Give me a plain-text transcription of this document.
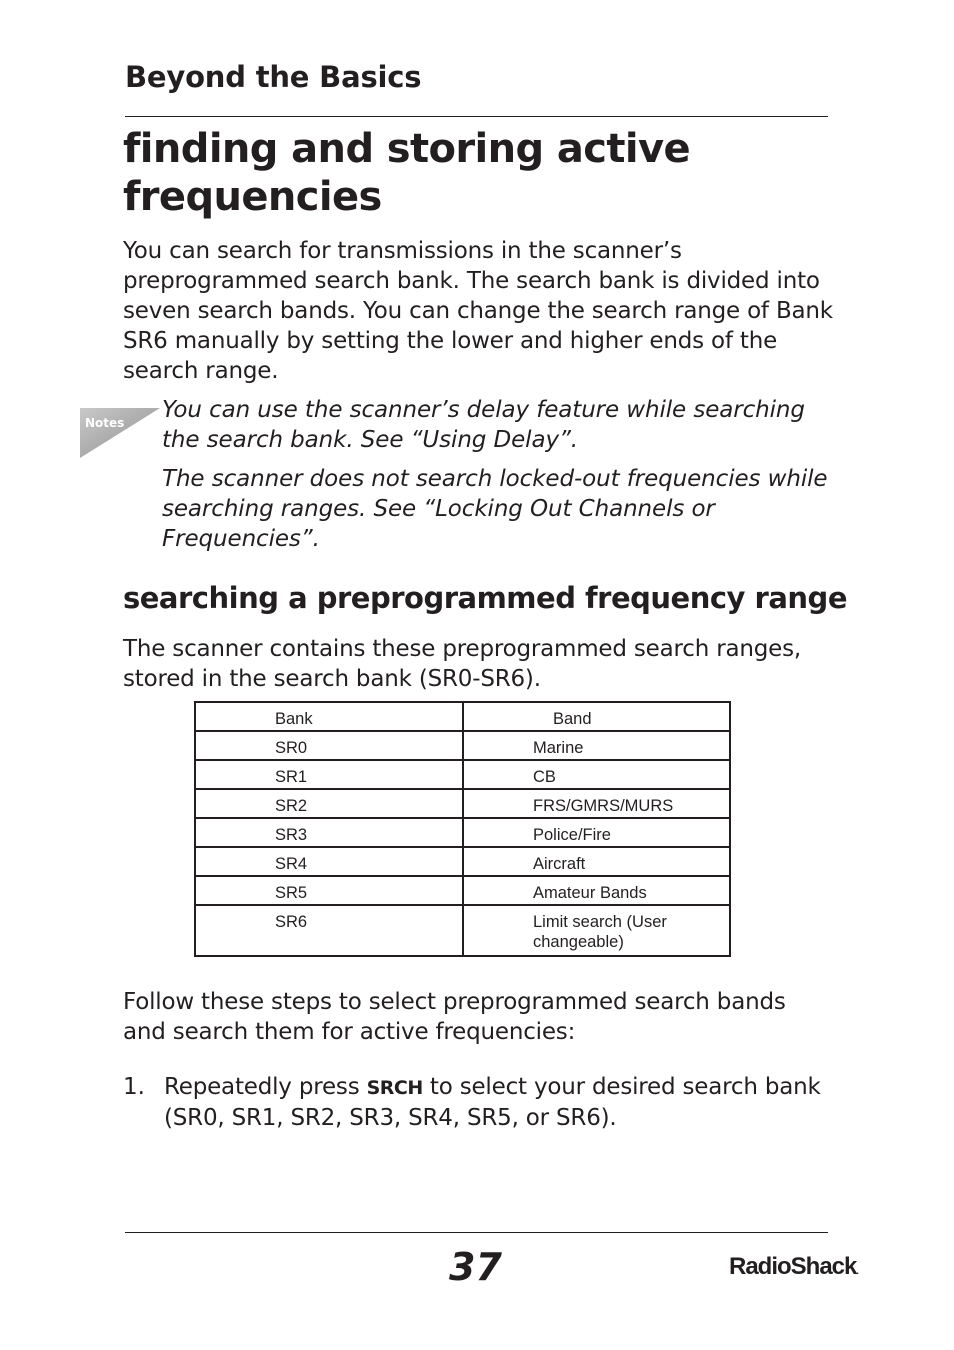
Beyond the Basics
finding and storing active frequencies

You can search for transmissions in the scanner’s preprogrammed search bank. The search bank is divided into seven search bands. You can change the search range of Bank SR6 manually by setting the lower and higher ends of the search range.

Notes You can use the scanner’s delay feature while searching the search bank. See “Using Delay”.

The scanner does not search locked-out frequencies while searching ranges. See “Locking Out Channels or Frequencies”.

searching a preprogrammed frequency range

The scanner contains these preprogrammed search ranges, stored in the search bank (SR0-SR6).

Bank	Band

SR0	Marine

SR1	CB

SR2	FRS/GMRS/MURS

SR3	Police/Fire

SR4	Aircraft

SR5	Amateur Bands

SR6	Limit search (User changeable)

Follow these steps to select preprogrammed search bands and search them for active frequencies:

1. Repeatedly press SRCH to select your desired search bank (SR0, SR1, SR2, SR3, SR4, SR5, or SR6).

37	RadioShack.
